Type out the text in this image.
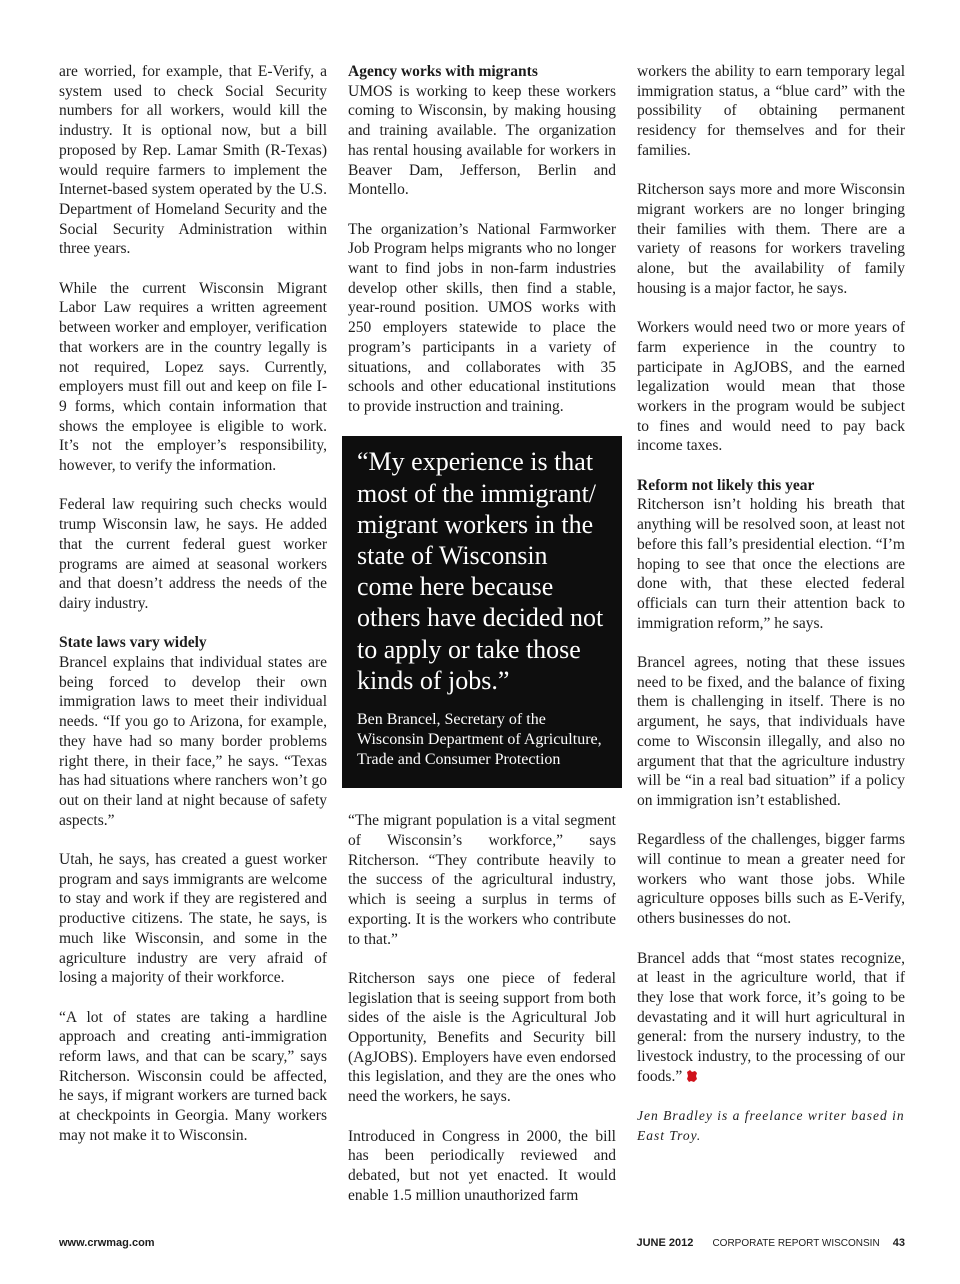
are worried, for example, that E-Verify, a system used to check Social Security numbers for all workers, would kill the industry. It is optional now, but a bill proposed by Rep. Lamar Smith (R-Texas) would require farmers to implement the Internet-based system operated by the U.S. Department of Homeland Security and the Social Security Administration within three years.

While the current Wisconsin Migrant Labor Law requires a written agreement between worker and employer, verification that workers are in the country legally is not required, Lopez says. Currently, employers must fill out and keep on file I-9 forms, which contain information that shows the employee is eligible to work. It’s not the employer’s responsibility, however, to verify the information.

Federal law requiring such checks would trump Wisconsin law, he says. He added that the current federal guest worker programs are aimed at seasonal workers and that doesn’t address the needs of the dairy industry.

State laws vary widely

Brancel explains that individual states are being forced to develop their own immigration laws to meet their individual needs. “If you go to Arizona, for example, they have had so many border problems right there, in their face,” he says. “Texas has had situations where ranchers won’t go out on their land at night because of safety aspects.”

Utah, he says, has created a guest worker program and says immigrants are welcome to stay and work if they are registered and productive citizens. The state, he says, is much like Wisconsin, and some in the agriculture industry are very afraid of losing a majority of their workforce.

“A lot of states are taking a hardline approach and creating anti-immigration reform laws, and that can be scary,” says Ritcherson. Wisconsin could be affected, he says, if migrant workers are turned back at checkpoints in Georgia. Many workers may not make it to Wisconsin.

Agency works with migrants

UMOS is working to keep these workers coming to Wisconsin, by making housing and training available. The organization has rental housing available for workers in Beaver Dam, Jefferson, Berlin and Montello.

The organization’s National Farmworker Job Program helps migrants who no longer want to find jobs in non-farm industries develop other skills, then find a stable, year-round position. UMOS works with 250 employers statewide to place the program’s participants in a variety of situations, and collaborates with 35 schools and other educational institutions to provide instruction and training.

“My experience is that most of the immigrant/ migrant workers in the state of Wisconsin come here because others have decided not to apply or take those kinds of jobs.”

Ben Brancel, Secretary of the Wisconsin Department of Agriculture, Trade and Consumer Protection

“The migrant population is a vital segment of Wisconsin’s workforce,” says Ritcherson. “They contribute heavily to the success of the agricultural industry, which is seeing a surplus in terms of exporting. It is the workers who contribute to that.”

Ritcherson says one piece of federal legislation that is seeing support from both sides of the aisle is the Agricultural Job Opportunity, Benefits and Security bill (AgJOBS). Employers have even endorsed this legislation, and they are the ones who need the workers, he says.

Introduced in Congress in 2000, the bill has been periodically reviewed and debated, but not yet enacted. It would enable 1.5 million unauthorized farm

workers the ability to earn temporary legal immigration status, a “blue card” with the possibility of obtaining permanent residency for themselves and for their families.

Ritcherson says more and more Wisconsin migrant workers are no longer bringing their families with them. There are a variety of reasons for workers traveling alone, but the availability of family housing is a major factor, he says.

Workers would need two or more years of farm experience in the country to participate in AgJOBS, and the earned legalization would mean that those workers in the program would be subject to fines and would need to pay back income taxes.

Reform not likely this year

Ritcherson isn’t holding his breath that anything will be resolved soon, at least not before this fall’s presidential election. “I’m hoping to see that once the elections are done with, that these elected federal officials can turn their attention back to immigration reform,” he says.

Brancel agrees, noting that these issues need to be fixed, and the balance of fixing them is challenging in itself. There is no argument, he says, that individuals have come to Wisconsin illegally, and also no argument that that the agriculture industry will be “in a real bad situation” if a policy on immigration isn’t established.

Regardless of the challenges, bigger farms will continue to mean a greater need for workers who want those jobs. While agriculture opposes bills such as E-Verify, others businesses do not.

Brancel adds that “most states recognize, at least in the agriculture world, that if they lose that work force, it’s going to be devastating and it will hurt agricultural in general: from the nursery industry, to the livestock industry, to the processing of our foods.”

Jen Bradley is a freelance writer based in East Troy.

www.crwmag.com	JUNE 2012 CORPORATE REPORT WISCONSIN 43
